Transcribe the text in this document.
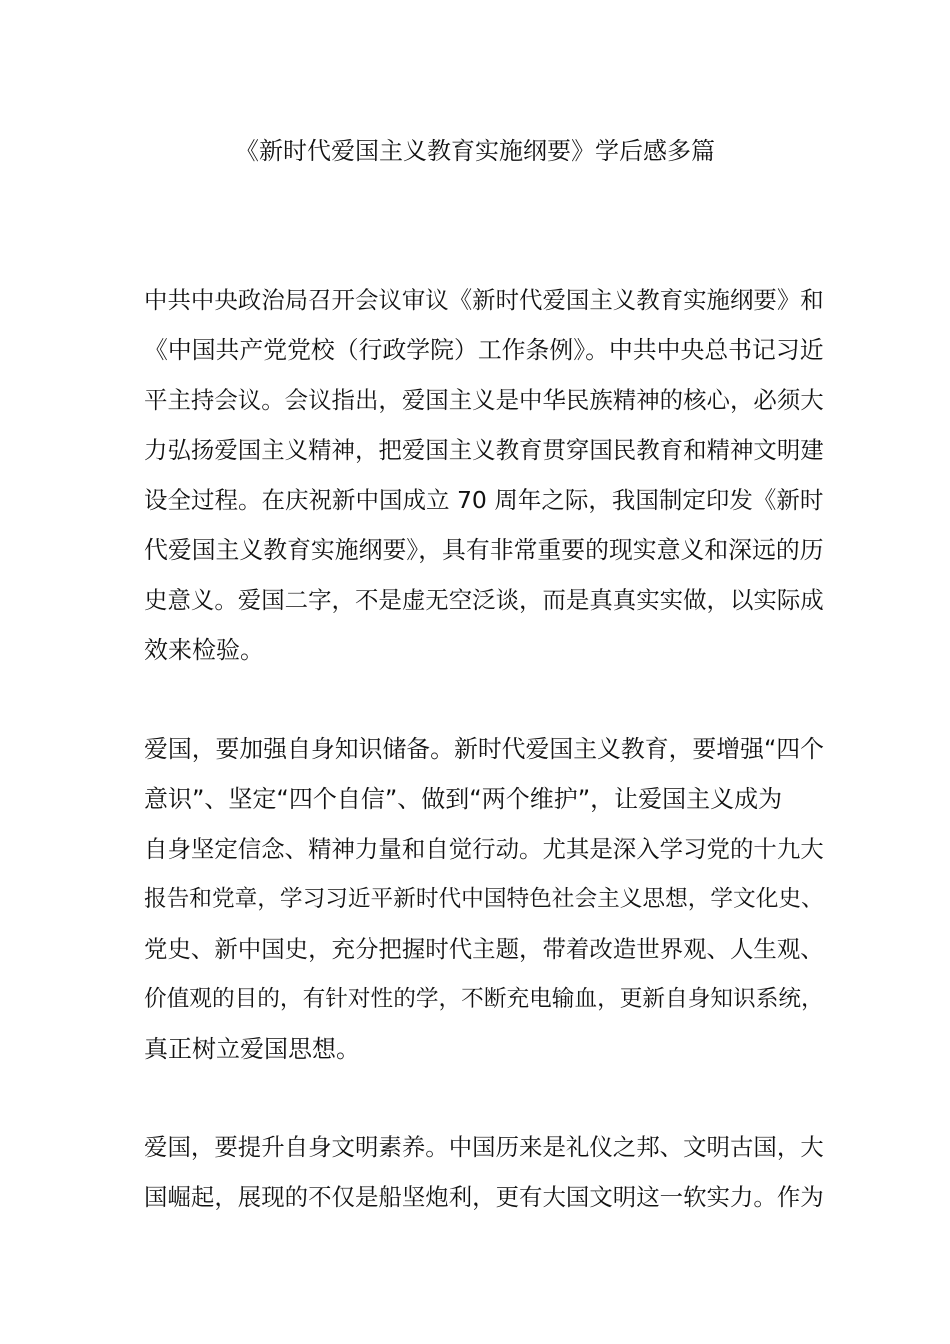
《新时代爱国主义教育实施纲要》学后感多篇

中共中央政治局召开会议审议《新时代爱国主义教育实施纲要》和

《中国共产党党校（行政学院）工作条例》。中共中央总书记习近

平主持会议。会议指出，爱国主义是中华民族精神的核心，必须大

力弘扬爱国主义精神，把爱国主义教育贯穿国民教育和精神文明建

设全过程。在庆祝新中国成立 70 周年之际，我国制定印发《新时

代爱国主义教育实施纲要》，具有非常重要的现实意义和深远的历

史意义。爱国二字，不是虚无空泛谈，而是真真实实做，以实际成

效来检验。

爱国，要加强自身知识储备。新时代爱国主义教育，要增强“四个

意识”、坚定“四个自信”、做到“两个维护”，让爱国主义成为

自身坚定信念、精神力量和自觉行动。尤其是深入学习党的十九大

报告和党章，学习习近平新时代中国特色社会主义思想，学文化史、

党史、新中国史，充分把握时代主题，带着改造世界观、人生观、

价值观的目的，有针对性的学，不断充电输血，更新自身知识系统，

真正树立爱国思想。

爱国，要提升自身文明素养。中国历来是礼仪之邦、文明古国，大

国崛起，展现的不仅是船坚炮利，更有大国文明这一软实力。作为
